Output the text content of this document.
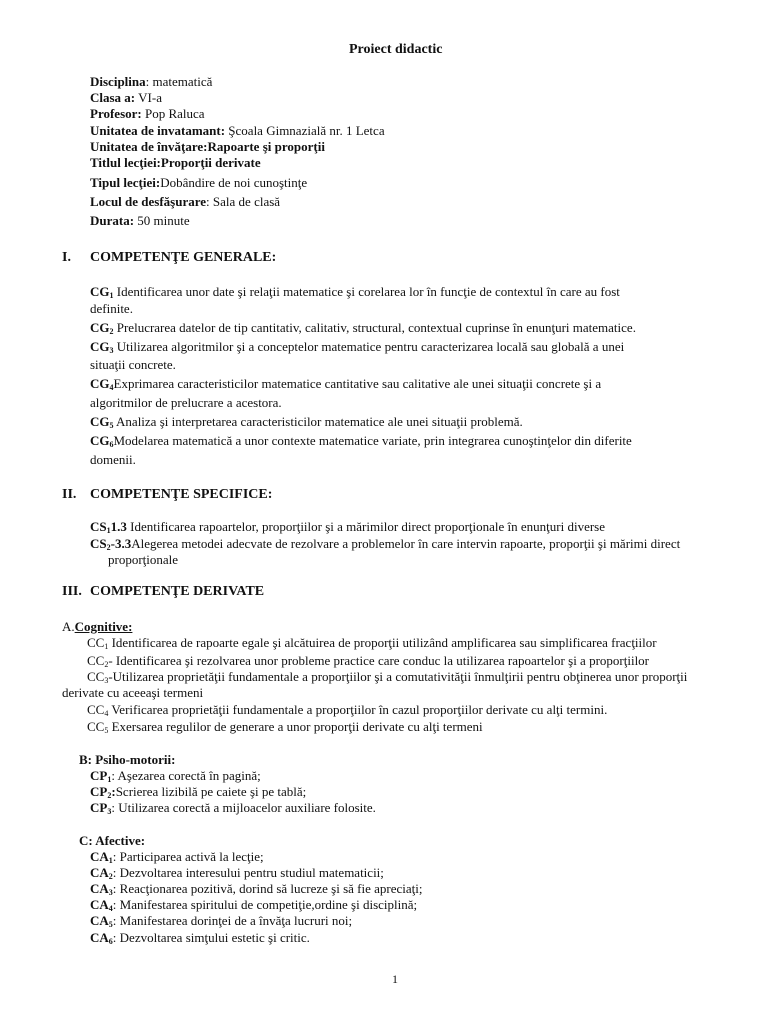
Proiect didactic
Disciplina: matematică
Clasa a: VI-a
Profesor: Pop Raluca
Unitatea de invatamant: Şcoala Gimnazială nr. 1 Letca
Unitatea de învăţare:Rapoarte şi proporţii
Titlul lecţiei:Proporţii derivate
Tipul lecţiei:Dobândire de noi cunoştinţe
Locul de desfăşurare: Sala de clasă
Durata: 50 minute
I. COMPETENŢE GENERALE:
$CG_1$ Identificarea unor date şi relaţii matematice şi corelarea lor în funcţie de contextul în care au fost
definite.
$CG_2$ Prelucrarea datelor de tip cantitativ, calitativ, structural, contextual cuprinse în enunţuri matematice.
$CG_3$ Utilizarea algoritmilor şi a conceptelor matematice pentru caracterizarea locală sau globală a unei
situaţii concrete.
$CG_4Exprimarea$ caracteristicilor matematice cantitative sau calitative ale unei situaţii concrete şi a
algoritmilor de prelucrare a acestora.
$CG_5$ Analiza şi interpretarea caracteristicilor matematice ale unei situaţii problemă.
$CG_6Modelarea$ matematică a unor contexte matematice variate, prin integrarea cunoştinţelor din diferite
domenii.
II. COMPETENŢE SPECIFICE:
$CS_11.3$ Identificarea rapoartelor, proporţiilor şi a mărimilor direct proporţionale în enunţuri diverse
$CS_2-3.3Alegerea$ metodei adecvate de rezolvare a problemelor în care intervin rapoarte, proporţii şi mărimi direct
proporţionale
III. COMPETENŢE DERIVATE
A.Cognitive:
$CC_1$ Identificarea de rapoarte egale şi alcătuirea de proporţii utilizând amplificarea sau simplificarea fracţiilor
$CC_2-$ Identificarea şi rezolvarea unor probleme practice care conduc la utilizarea rapoartelor şi a proporţiilor
$CC_3$-Utilizarea proprietăţii fundamentale a proporţiilor şi a comutativităţii înmulţirii pentru obţinerea unor proporţii
derivate cu aceeaşi termeni
$CC_4$ Verificarea proprietăţii fundamentale a proporţiilor în cazul proporţiilor derivate cu alţi termini.
$CC_5$ Exersarea regulilor de generare a unor proporţii derivate cu alţi termeni
B: Psiho-motorii:
$CP_1$: Aşezarea corectă în pagină;
$CP_2:Scrierea$ lizibilă pe caiete şi pe tablă;
$CP_3$: Utilizarea corectă a mijloacelor auxiliare folosite.
C: Afective:
$CA_1$: Participarea activă la lecţie;
$CA_2$: Dezvoltarea interesului pentru studiul matematicii;
$CA_3$: Reacţionarea pozitivă, dorind să lucreze şi să fie apreciaţi;
$CA_4$: Manifestarea spiritului de competiţie,ordine şi disciplină;
$CA_5$: Manifestarea dorinţei de a învăţa lucruri noi;
$CA_6$: Dezvoltarea simţului estetic şi critic.
1
